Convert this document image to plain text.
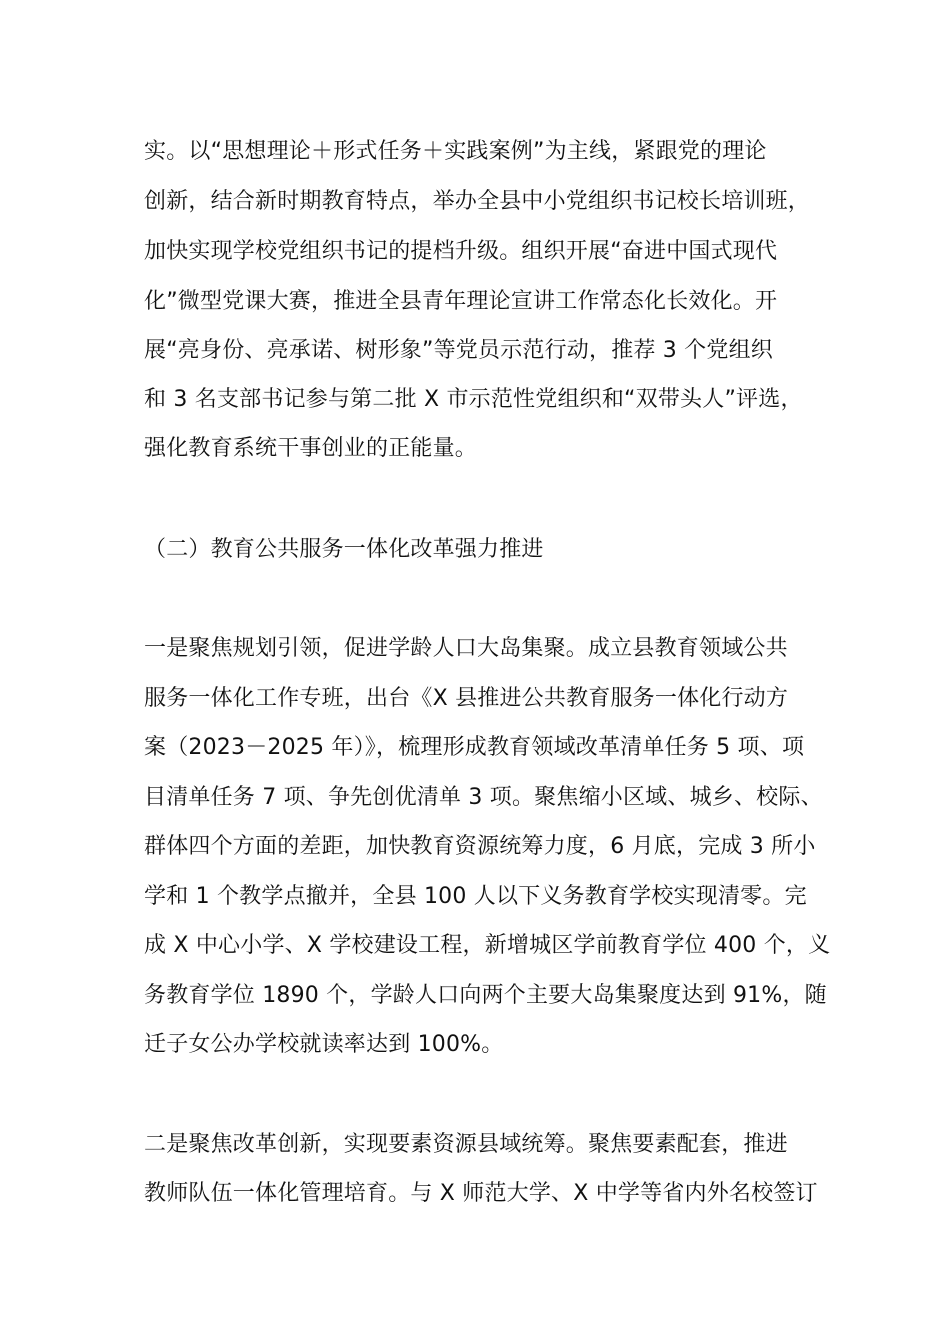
实。以“思想理论＋形式任务＋实践案例”为主线，紧跟党的理论
创新，结合新时期教育特点，举办全县中小党组织书记校长培训班，
加快实现学校党组织书记的提档升级。组织开展“奋进中国式现代
化”微型党课大赛，推进全县青年理论宣讲工作常态化长效化。开
展“亮身份、亮承诺、树形象”等党员示范行动，推荐 3 个党组织
和 3 名支部书记参与第二批 X 市示范性党组织和“双带头人”评选，
强化教育系统干事创业的正能量。
（二）教育公共服务一体化改革强力推进
一是聚焦规划引领，促进学龄人口大岛集聚。成立县教育领域公共
服务一体化工作专班，出台《X 县推进公共教育服务一体化行动方
案（2023－2025 年）》，梳理形成教育领域改革清单任务 5 项、项
目清单任务 7 项、争先创优清单 3 项。聚焦缩小区域、城乡、校际、
群体四个方面的差距，加快教育资源统筹力度，6 月底，完成 3 所小
学和 1 个教学点撤并，全县 100 人以下义务教育学校实现清零。完
成 X 中心小学、X 学校建设工程，新增城区学前教育学位 400 个，义
务教育学位 1890 个，学龄人口向两个主要大岛集聚度达到 91%，随
迁子女公办学校就读率达到 100%。
二是聚焦改革创新，实现要素资源县域统筹。聚焦要素配套，推进
教师队伍一体化管理培育。与 X 师范大学、X 中学等省内外名校签订
